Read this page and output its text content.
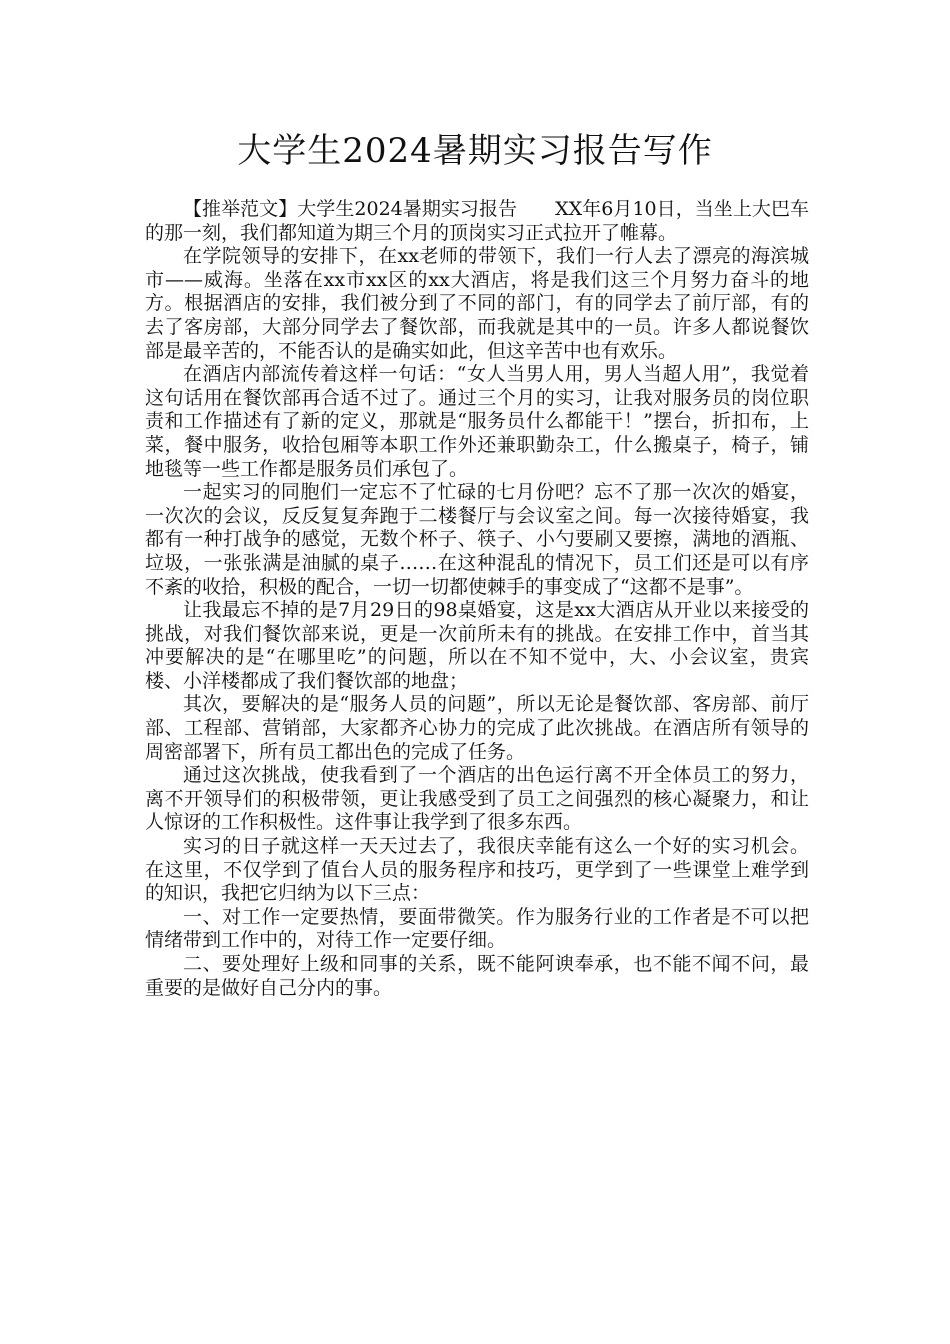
大学生2024暑期实习报告写作

【推举范文】大学生2024暑期实习报告　　XX年6月10日，当坐上大巴车的那一刻，我们都知道为期三个月的顶岗实习正式拉开了帷幕。

在学院领导的安排下，在xx老师的带领下，我们一行人去了漂亮的海滨城市——威海。坐落在xx市xx区的xx大酒店，将是我们这三个月努力奋斗的地方。根据酒店的安排，我们被分到了不同的部门，有的同学去了前厅部，有的去了客房部，大部分同学去了餐饮部，而我就是其中的一员。许多人都说餐饮部是最辛苦的，不能否认的是确实如此，但这辛苦中也有欢乐。

在酒店内部流传着这样一句话：“女人当男人用，男人当超人用”，我觉着这句话用在餐饮部再合适不过了。通过三个月的实习，让我对服务员的岗位职责和工作描述有了新的定义，那就是“服务员什么都能干！”摆台，折扣布，上菜，餐中服务，收拾包厢等本职工作外还兼职勤杂工，什么搬桌子，椅子，铺地毯等一些工作都是服务员们承包了。

一起实习的同胞们一定忘不了忙碌的七月份吧？忘不了那一次次的婚宴，一次次的会议，反反复复奔跑于二楼餐厅与会议室之间。每一次接待婚宴，我都有一种打战争的感觉，无数个杯子、筷子、小勺要刷又要擦，满地的酒瓶、垃圾，一张张满是油腻的桌子……在这种混乱的情况下，员工们还是可以有序不紊的收拾，积极的配合，一切一切都使棘手的事变成了“这都不是事”。

让我最忘不掉的是7月29日的98桌婚宴，这是xx大酒店从开业以来接受的挑战，对我们餐饮部来说，更是一次前所未有的挑战。在安排工作中，首当其冲要解决的是“在哪里吃”的问题，所以在不知不觉中，大、小会议室，贵宾楼、小洋楼都成了我们餐饮部的地盘；

其次，要解决的是“服务人员的问题”，所以无论是餐饮部、客房部、前厅部、工程部、营销部，大家都齐心协力的完成了此次挑战。在酒店所有领导的周密部署下，所有员工都出色的完成了任务。

通过这次挑战，使我看到了一个酒店的出色运行离不开全体员工的努力，离不开领导们的积极带领，更让我感受到了员工之间强烈的核心凝聚力，和让人惊讶的工作积极性。这件事让我学到了很多东西。

实习的日子就这样一天天过去了，我很庆幸能有这么一个好的实习机会。在这里，不仅学到了值台人员的服务程序和技巧，更学到了一些课堂上难学到的知识，我把它归纳为以下三点：

一、对工作一定要热情，要面带微笑。作为服务行业的工作者是不可以把情绪带到工作中的，对待工作一定要仔细。

二、要处理好上级和同事的关系，既不能阿谀奉承，也不能不闻不问，最重要的是做好自己分内的事。
